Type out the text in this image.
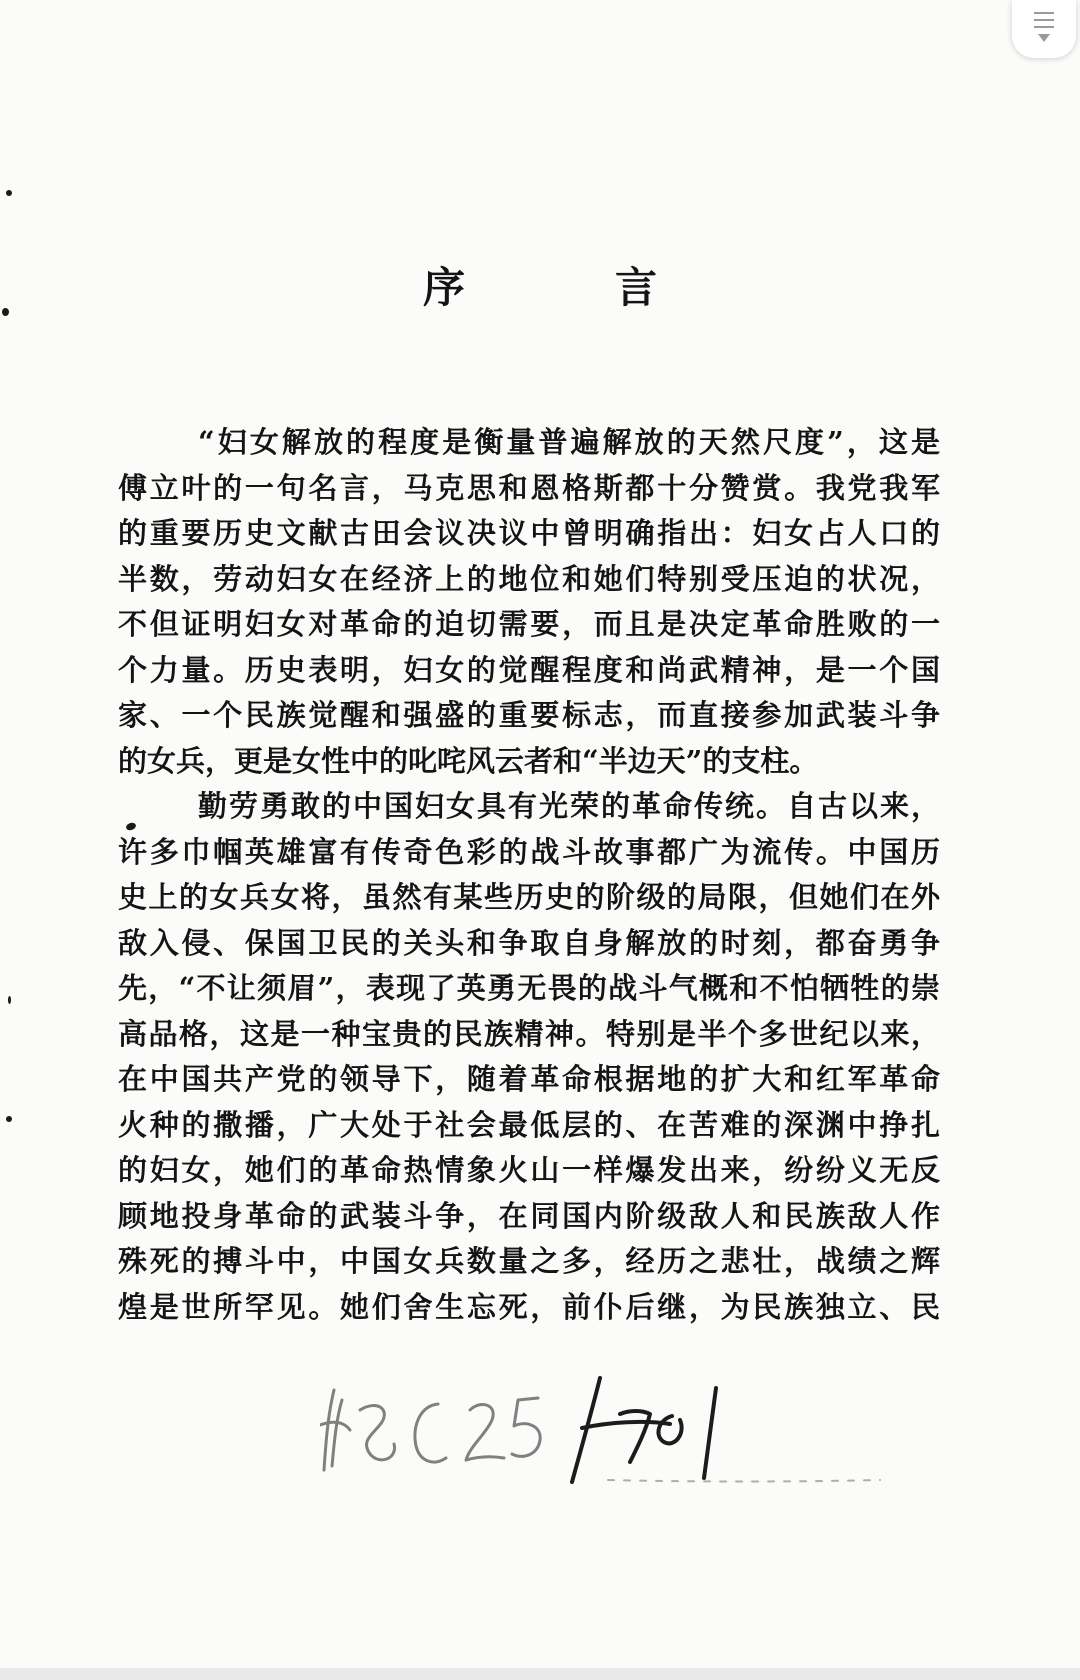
序	言
“妇女解放的程度是衡量普遍解放的天然尺度”，这是
傅立叶的一句名言，马克思和恩格斯都十分赞赏。我党我军
的重要历史文献古田会议决议中曾明确指出：妇女占人口的
半数，劳动妇女在经济上的地位和她们特别受压迫的状况，
不但证明妇女对革命的迫切需要，而且是决定革命胜败的一
个力量。历史表明，妇女的觉醒程度和尚武精神，是一个国
家、一个民族觉醒和强盛的重要标志，而直接参加武装斗争
的女兵，更是女性中的叱咤风云者和“半边天”的支柱。
勤劳勇敢的中国妇女具有光荣的革命传统。自古以来，
许多巾帼英雄富有传奇色彩的战斗故事都广为流传。中国历
史上的女兵女将，虽然有某些历史的阶级的局限，但她们在外
敌入侵、保国卫民的关头和争取自身解放的时刻，都奋勇争
先，“不让须眉”，表现了英勇无畏的战斗气概和不怕牺牲的崇
高品格，这是一种宝贵的民族精神。特别是半个多世纪以来，
在中国共产党的领导下，随着革命根据地的扩大和红军革命
火种的撒播，广大处于社会最低层的、在苦难的深渊中挣扎
的妇女，她们的革命热情象火山一样爆发出来，纷纷义无反
顾地投身革命的武装斗争，在同国内阶级敌人和民族敌人作
殊死的搏斗中，中国女兵数量之多，经历之悲壮，战绩之辉
煌是世所罕见。她们舍生忘死，前仆后继，为民族独立、民
